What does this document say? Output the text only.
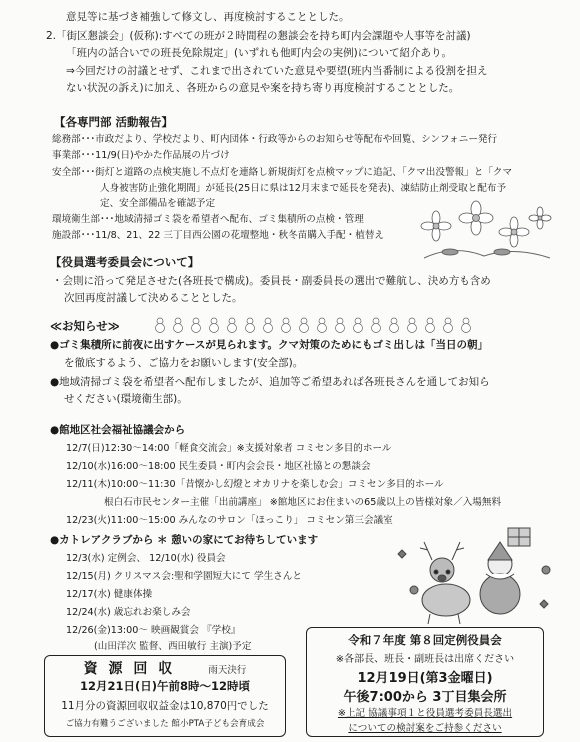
意見等に基づき補強して修文し、再度検討することとした。
2.「街区懇談会」(仮称):すべての班が２時間程の懇談会を持ち町内会課題や人事等を討議)
「班内の話合いでの班長免除規定」(いずれも他町内会の実例)について紹介あり。
⇒今回だけの討議とせず、これまで出されていた意見や要望(班内当番制による役割を担え
ない状況の訴え)に加え、各班からの意見や案を持ち寄り再度検討することとした。
【各専門部 活動報告】
総務部･･･市政だより、学校だより、町内団体・行政等からのお知らせ等配布や回覧、シンフォニー発行
事業部･･･11/9(日)やかた作品展の片づけ
安全部･･･街灯と道路の点検実施し不点灯を連絡し新規街灯を点検マップに追記、「クマ出没警報」と「クマ
人身被害防止強化期間」が延長(25日に県は12月末まで延長を発表)、凍結防止剤受取と配布予
定、安全部備品を確認予定
環境衛生部･･･地域清掃ゴミ袋を希望者へ配布、ゴミ集積所の点検・管理
施設部･･･11/8、21、22 三丁目西公園の花壇整地・秋冬苗購入手配・植替え
【役員選考委員会について】
・会則に沿って発足させた(各班長で構成)。委員長・副委員長の選出で難航し、決め方も含め
次回再度討議して決めることとした。
≪お知らせ≫
●ゴミ集積所に前夜に出すケースが見られます。クマ対策のためにもゴミ出しは「当日の朝」
を徹底するよう、ご協力をお願いします(安全部)。
●地域清掃ゴミ袋を希望者へ配布しましたが、追加等ご希望あれば各班長さんを通してお知ら
せください(環境衛生部)。
●館地区社会福祉協議会から
12/7(日)12:30～14:00「軽食交流会」※支援対象者 コミセン多目的ホール
12/10(水)16:00～18:00 民生委員・町内会会長・地区社協との懇談会
12/11(木)10:00～11:30「昔懐かし幻燈とオカリナを楽しむ会」コミセン多目的ホール
根白石市民センター主催「出前講座」 ※館地区にお住まいの65歳以上の皆様対象／入場無料
12/23(火)11:00～15:00 みんなのサロン「ほっこり」 コミセン第三会議室
●カトレアクラブから ＊ 憩いの家にてお待ちしています
12/3(水) 定例会、 12/10(水) 役員会
12/15(月) クリスマス会:聖和学園短大にて 学生さんと
12/17(水) 健康体操
12/24(水) 歳忘れお楽しみ会
12/26(金)13:00～ 映画観賞会 『学校』
(山田洋次 監督、西田敏行 主演)予定
資 源 回 収	雨天決行
12月21日(日)午前8時～12時頃
11月分の資源回収収益金は10,870円でした
ご協力有難うございました 館小PTA子ども会育成会
令和７年度 第８回定例役員会
※各部長、班長・副班長は出席ください
12月19日(第3金曜日)
午後7:00から 3丁目集会所
※上記 協議事項１と役員選考委員長選出
についての検討案をご持参ください
